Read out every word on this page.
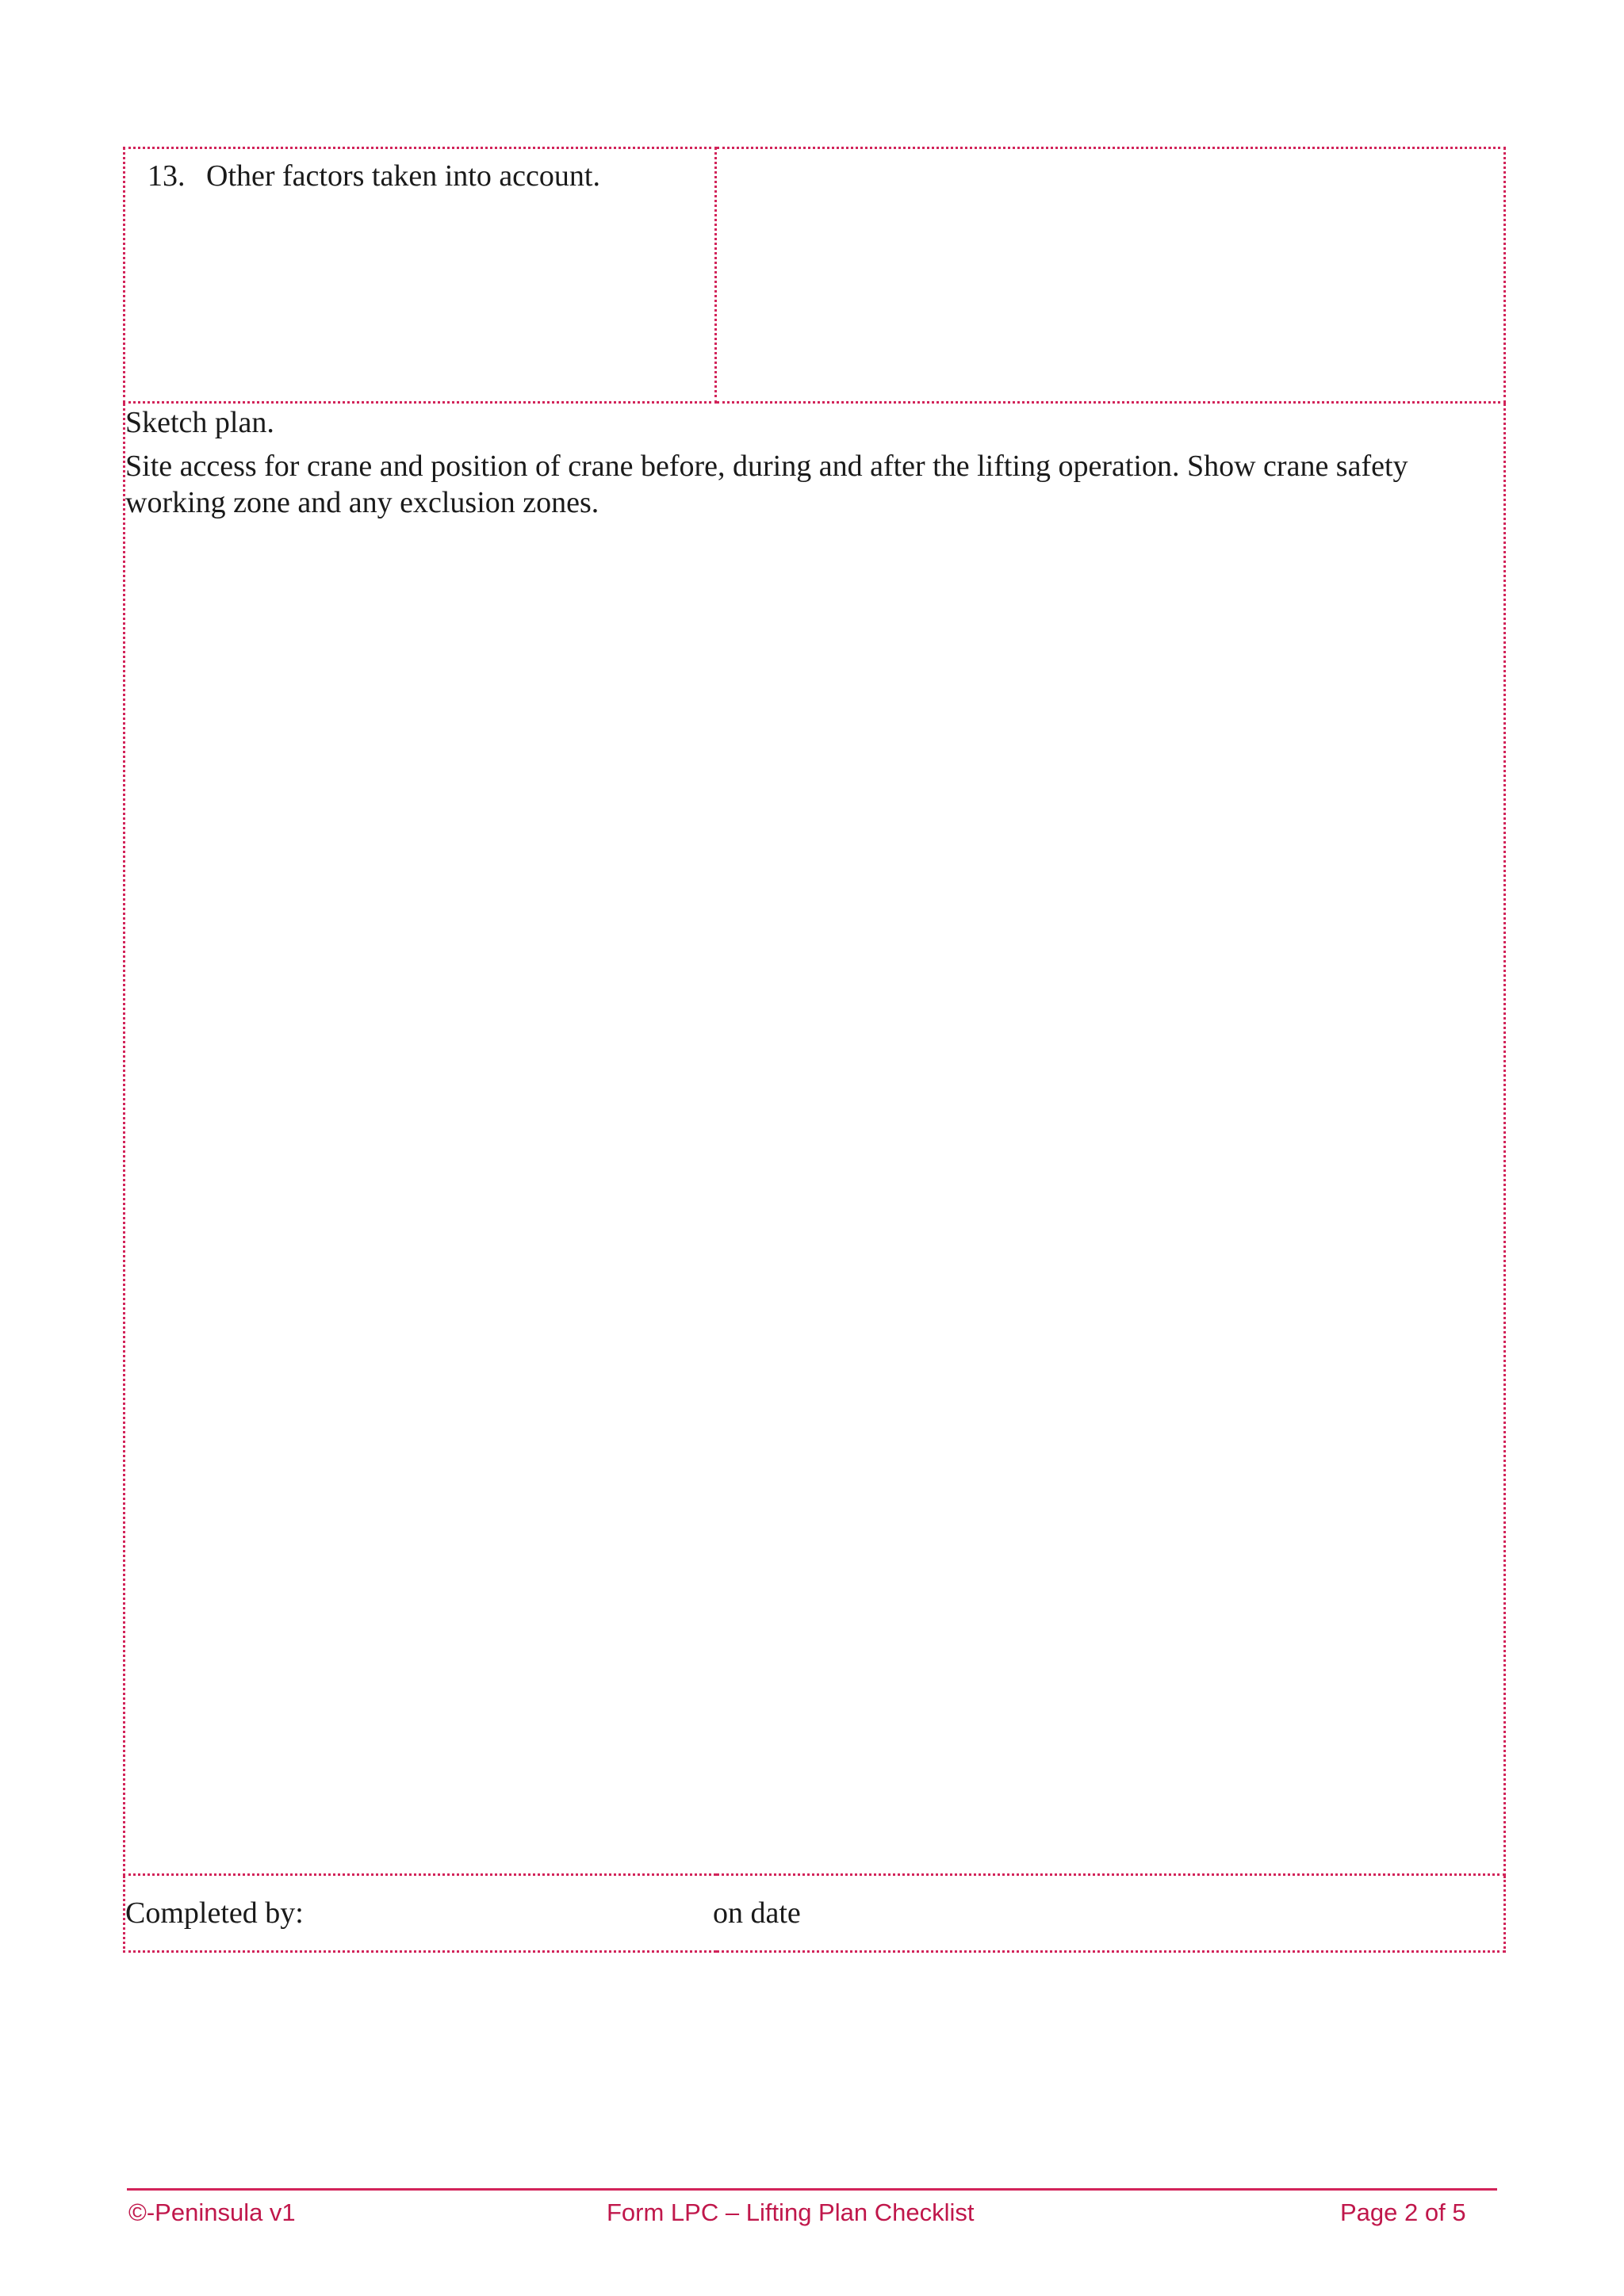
13. Other factors taken into account.

Sketch plan.

Site access for crane and position of crane before, during and after the lifting operation. Show crane safety working zone and any exclusion zones.

Completed by:	on date
©-Peninsula v1	Form LPC – Lifting Plan Checklist	Page 2 of 5
